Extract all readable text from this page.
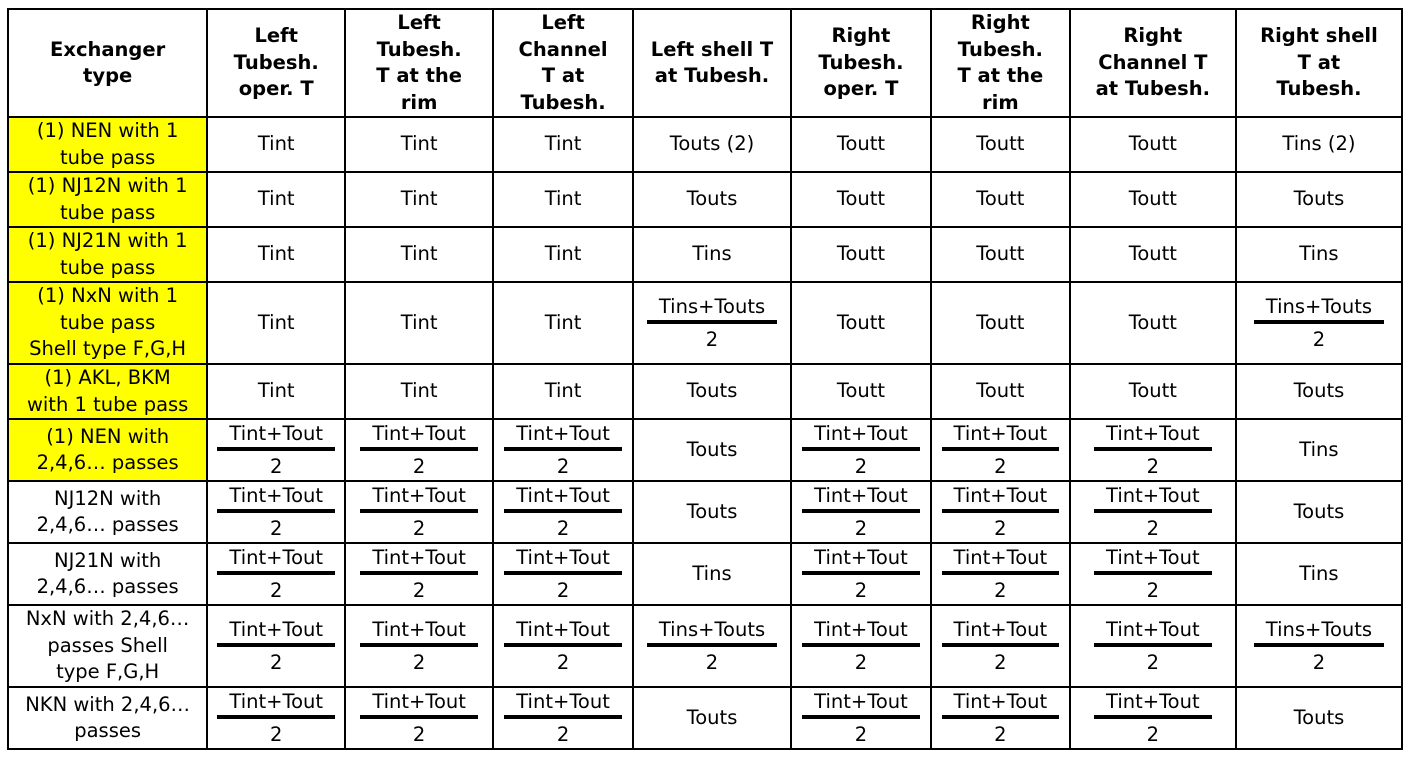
Exchanger
type	Left
Tubesh.
oper. T	Left
Tubesh.
T at the
rim	Left
Channel
T at
Tubesh.	Left shell T
at Tubesh.	Right
Tubesh.
oper. T	Right
Tubesh.
T at the
rim	Right
Channel T
at Tubesh.	Right shell
T at
Tubesh.
(1) NEN with 1
tube pass	Tint	Tint	Tint	Touts (2)	Toutt	Toutt	Toutt	Tins (2)
(1) NJ12N with 1
tube pass	Tint	Tint	Tint	Touts	Toutt	Toutt	Toutt	Touts
(1) NJ21N with 1
tube pass	Tint	Tint	Tint	Tins	Toutt	Toutt	Toutt	Tins
(1) NxN with 1
tube pass
Shell type F,G,H	Tint	Tint	Tint	$\frac{\text{Tins+Touts}}{2}$	Toutt	Toutt	Toutt	$\frac{\text{Tins+Touts}}{2}$

(1) AKL, BKM
with 1 tube pass	Tint	Tint	Tint	Touts	Toutt	Toutt	Toutt	Touts
(1) NEN with
2,4,6… passes	$\frac{\text{Tint+Tout}}{2}$	$\frac{\text{Tint+Tout}}{2}$	$\frac{\text{Tint+Tout}}{2}$	Touts	$\frac{\text{Tint+Tout}}{2}$	$\frac{\text{Tint+Tout}}{2}$	$\frac{\text{Tint+Tout}}{2}$	Tins
NJ12N with
2,4,6… passes	$\frac{\text{Tint+Tout}}{2}$	$\frac{\text{Tint+Tout}}{2}$	$\frac{\text{Tint+Tout}}{2}$	Touts	$\frac{\text{Tint+Tout}}{2}$	$\frac{\text{Tint+Tout}}{2}$	$\frac{\text{Tint+Tout}}{2}$	Touts
NJ21N with
2,4,6… passes	$\frac{\text{Tint+Tout}}{2}$	$\frac{\text{Tint+Tout}}{2}$	$\frac{\text{Tint+Tout}}{2}$	Tins	$\frac{\text{Tint+Tout}}{2}$	$\frac{\text{Tint+Tout}}{2}$	$\frac{\text{Tint+Tout}}{2}$	Tins
NxN with 2,4,6…
passes Shell
type F,G,H	$\frac{\text{Tint+Tout}}{2}$	$\frac{\text{Tint+Tout}}{2}$	$\frac{\text{Tint+Tout}}{2}$	$\frac{\text{Tins+Touts}}{2}$	$\frac{\text{Tint+Tout}}{2}$	$\frac{\text{Tint+Tout}}{2}$	$\frac{\text{Tint+Tout}}{2}$	$\frac{\text{Tins+Touts}}{2}$

NKN with 2,4,6…
passes	$\frac{\text{Tint+Tout}}{2}$	$\frac{\text{Tint+Tout}}{2}$	$\frac{\text{Tint+Tout}}{2}$	Touts	$\frac{\text{Tint+Tout}}{2}$	$\frac{\text{Tint+Tout}}{2}$	$\frac{\text{Tint+Tout}}{2}$	Touts
